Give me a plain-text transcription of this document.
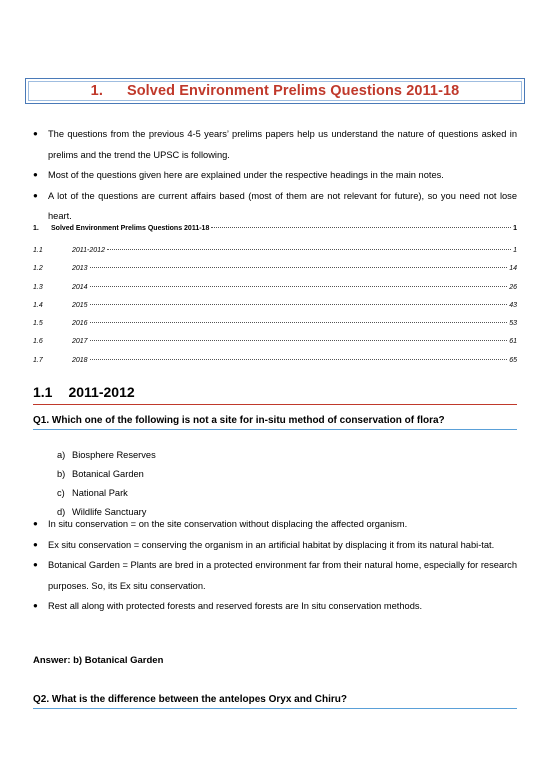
1. Solved Environment Prelims Questions 2011-18
●	The questions from the previous 4-5 years’ prelims papers help us understand the nature of questions asked in prelims and the trend the UPSC is following.
●	Most of the questions given here are explained under the respective headings in the main notes.
●	A lot of the questions are current affairs based (most of them are not relevant for future), so you need not lose heart.
1.	Solved Environment Prelims Questions 2011-18	1
1.1	2011-2012	1
1.2	2013	14
1.3	2014	26
1.4	2015	43
1.5	2016	53
1.6	2017	61
1.7	2018	65
1.1 2011-2012
Q1. Which one of the following is not a site for in-situ method of conservation of flora?
a) Biosphere Reserves
b) Botanical Garden
c) National Park
d) Wildlife Sanctuary
●	In situ conservation = on the site conservation without displacing the affected organism.
●	Ex situ conservation = conserving the organism in an artificial habitat by displacing it from its natural habi-tat.
●	Botanical Garden = Plants are bred in a protected environment far from their natural home, especially for research purposes. So, its Ex situ conservation.
●	Rest all along with protected forests and reserved forests are In situ conservation methods.
Answer: b) Botanical Garden
Q2. What is the difference between the antelopes Oryx and Chiru?
